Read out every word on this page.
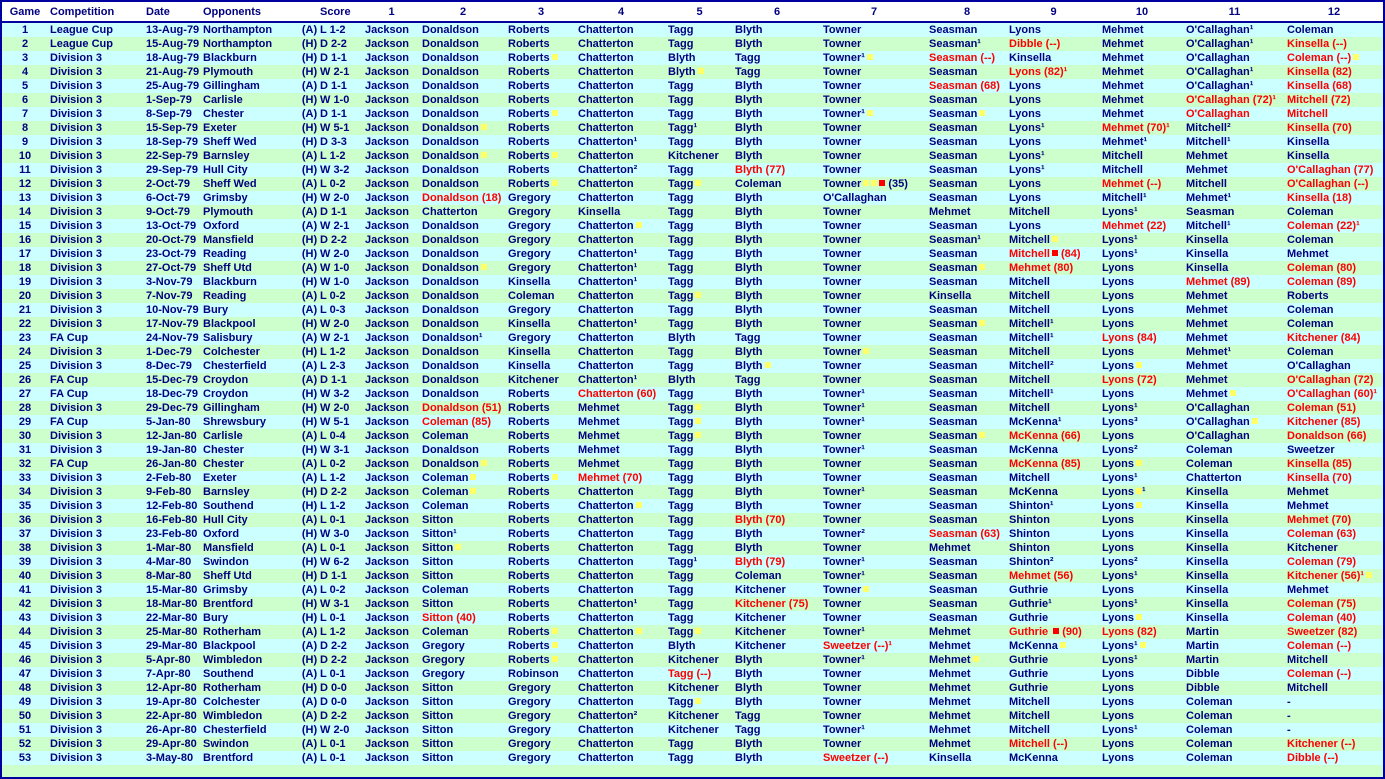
Game	Competition	Date	Opponents		Score	1	2	3	4	5	6	7	8	9	10	11	12
1	League Cup	13-Aug-79	Northampton	(A)	L 1-2	Jackson	Donaldson	Roberts	Chatterton	Tagg	Blyth	Towner	Seasman	Lyons	Mehmet	O'Callaghan¹	Coleman
2	League Cup	15-Aug-79	Northampton	(H)	D 2-2	Jackson	Donaldson	Roberts	Chatterton	Tagg	Blyth	Towner	Seasman¹	Dibble (--)	Mehmet	O'Callaghan¹	Kinsella (--)
3	Division 3	18-Aug-79	Blackburn	(H)	D 1-1	Jackson	Donaldson	Roberts	Chatterton	Blyth	Tagg	Towner¹	Seasman (--)	Kinsella	Mehmet	O'Callaghan	Coleman (--)
4	Division 3	21-Aug-79	Plymouth	(H)	W 2-1	Jackson	Donaldson	Roberts	Chatterton	Blyth	Tagg	Towner	Seasman	Lyons (82)¹	Mehmet	O'Callaghan¹	Kinsella (82)
5	Division 3	25-Aug-79	Gillingham	(A)	D 1-1	Jackson	Donaldson	Roberts	Chatterton	Tagg	Blyth	Towner	Seasman (68)	Lyons	Mehmet	O'Callaghan¹	Kinsella (68)
6	Division 3	1-Sep-79	Carlisle	(H)	W 1-0	Jackson	Donaldson	Roberts	Chatterton	Tagg	Blyth	Towner	Seasman	Lyons	Mehmet	O'Callaghan (72)¹	Mitchell (72)
7	Division 3	8-Sep-79	Chester	(A)	D 1-1	Jackson	Donaldson	Roberts	Chatterton	Tagg	Blyth	Towner¹	Seasman	Lyons	Mehmet	O'Callaghan	Mitchell
8	Division 3	15-Sep-79	Exeter	(H)	W 5-1	Jackson	Donaldson	Roberts	Chatterton	Tagg¹	Blyth	Towner	Seasman	Lyons¹	Mehmet (70)¹	Mitchell²	Kinsella (70)
9	Division 3	18-Sep-79	Sheff Wed	(H)	D 3-3	Jackson	Donaldson	Roberts	Chatterton¹	Tagg	Blyth	Towner	Seasman	Lyons	Mehmet¹	Mitchell¹	Kinsella
10	Division 3	22-Sep-79	Barnsley	(A)	L 1-2	Jackson	Donaldson	Roberts	Chatterton	Kitchener	Blyth	Towner	Seasman	Lyons¹	Mitchell	Mehmet	Kinsella
11	Division 3	29-Sep-79	Hull City	(H)	W 3-2	Jackson	Donaldson	Roberts	Chatterton²	Tagg	Blyth (77)	Towner	Seasman	Lyons¹	Mitchell	Mehmet	O'Callaghan (77)
12	Division 3	2-Oct-79	Sheff Wed	(A)	L 0-2	Jackson	Donaldson	Roberts	Chatterton	Tagg	Coleman	Towner (35)	Seasman	Lyons	Mehmet (--)	Mitchell	O'Callaghan (--)
13	Division 3	6-Oct-79	Grimsby	(H)	W 2-0	Jackson	Donaldson (18)	Gregory	Chatterton	Tagg	Blyth	O'Callaghan	Seasman	Lyons	Mitchell¹	Mehmet¹	Kinsella (18)
14	Division 3	9-Oct-79	Plymouth	(A)	D 1-1	Jackson	Chatterton	Gregory	Kinsella	Tagg	Blyth	Towner	Mehmet	Mitchell	Lyons¹	Seasman	Coleman
15	Division 3	13-Oct-79	Oxford	(A)	W 2-1	Jackson	Donaldson	Gregory	Chatterton	Tagg	Blyth	Towner	Seasman	Lyons	Mehmet (22)	Mitchell¹	Coleman (22)¹
16	Division 3	20-Oct-79	Mansfield	(H)	D 2-2	Jackson	Donaldson	Gregory	Chatterton	Tagg	Blyth	Towner	Seasman¹	Mitchell	Lyons¹	Kinsella	Coleman
17	Division 3	23-Oct-79	Reading	(H)	W 2-0	Jackson	Donaldson	Gregory	Chatterton¹	Tagg	Blyth	Towner	Seasman	Mitchell (84)	Lyons¹	Kinsella	Mehmet
18	Division 3	27-Oct-79	Sheff Utd	(A)	W 1-0	Jackson	Donaldson	Gregory	Chatterton¹	Tagg	Blyth	Towner	Seasman	Mehmet (80)	Lyons	Kinsella	Coleman (80)
19	Division 3	3-Nov-79	Blackburn	(H)	W 1-0	Jackson	Donaldson	Kinsella	Chatterton¹	Tagg	Blyth	Towner	Seasman	Mitchell	Lyons	Mehmet (89)	Coleman (89)
20	Division 3	7-Nov-79	Reading	(A)	L 0-2	Jackson	Donaldson	Coleman	Chatterton	Tagg	Blyth	Towner	Kinsella	Mitchell	Lyons	Mehmet	Roberts
21	Division 3	10-Nov-79	Bury	(A)	L 0-3	Jackson	Donaldson	Gregory	Chatterton	Tagg	Blyth	Towner	Seasman	Mitchell	Lyons	Mehmet	Coleman
22	Division 3	17-Nov-79	Blackpool	(H)	W 2-0	Jackson	Donaldson	Kinsella	Chatterton¹	Tagg	Blyth	Towner	Seasman	Mitchell¹	Lyons	Mehmet	Coleman
23	FA Cup	24-Nov-79	Salisbury	(A)	W 2-1	Jackson	Donaldson¹	Gregory	Chatterton	Blyth	Tagg	Towner	Seasman	Mitchell¹	Lyons (84)	Mehmet	Kitchener (84)
24	Division 3	1-Dec-79	Colchester	(H)	L 1-2	Jackson	Donaldson	Kinsella	Chatterton	Tagg	Blyth	Towner	Seasman	Mitchell	Lyons	Mehmet¹	Coleman
25	Division 3	8-Dec-79	Chesterfield	(A)	L 2-3	Jackson	Donaldson	Kinsella	Chatterton	Tagg	Blyth	Towner	Seasman	Mitchell²	Lyons	Mehmet	O'Callaghan
26	FA Cup	15-Dec-79	Croydon	(A)	D 1-1	Jackson	Donaldson	Kitchener	Chatterton¹	Blyth	Tagg	Towner	Seasman	Mitchell	Lyons (72)	Mehmet	O'Callaghan (72)
27	FA Cup	18-Dec-79	Croydon	(H)	W 3-2	Jackson	Donaldson	Roberts	Chatterton (60)	Tagg	Blyth	Towner¹	Seasman	Mitchell¹	Lyons	Mehmet	O'Callaghan (60)¹
28	Division 3	29-Dec-79	Gillingham	(H)	W 2-0	Jackson	Donaldson (51)	Roberts	Mehmet	Tagg	Blyth	Towner¹	Seasman	Mitchell	Lyons¹	O'Callaghan	Coleman (51)
29	FA Cup	5-Jan-80	Shrewsbury	(H)	W 5-1	Jackson	Coleman (85)	Roberts	Mehmet	Tagg	Blyth	Towner¹	Seasman	McKenna¹	Lyons³	O'Callaghan	Kitchener (85)
30	Division 3	12-Jan-80	Carlisle	(A)	L 0-4	Jackson	Coleman	Roberts	Mehmet	Tagg	Blyth	Towner	Seasman	McKenna (66)	Lyons	O'Callaghan	Donaldson (66)
31	Division 3	19-Jan-80	Chester	(H)	W 3-1	Jackson	Donaldson	Roberts	Mehmet	Tagg	Blyth	Towner¹	Seasman	McKenna	Lyons²	Coleman	Sweetzer
32	FA Cup	26-Jan-80	Chester	(A)	L 0-2	Jackson	Donaldson	Roberts	Mehmet	Tagg	Blyth	Towner	Seasman	McKenna (85)	Lyons	Coleman	Kinsella (85)
33	Division 3	2-Feb-80	Exeter	(A)	L 1-2	Jackson	Coleman	Roberts	Mehmet (70)	Tagg	Blyth	Towner	Seasman	Mitchell	Lyons¹	Chatterton	Kinsella (70)
34	Division 3	9-Feb-80	Barnsley	(H)	D 2-2	Jackson	Coleman	Roberts	Chatterton	Tagg	Blyth	Towner¹	Seasman	McKenna	Lyons ¹	Kinsella	Mehmet
35	Division 3	12-Feb-80	Southend	(H)	L 1-2	Jackson	Coleman	Roberts	Chatterton	Tagg	Blyth	Towner	Seasman	Shinton¹	Lyons	Kinsella	Mehmet
36	Division 3	16-Feb-80	Hull City	(A)	L 0-1	Jackson	Sitton	Roberts	Chatterton	Tagg	Blyth (70)	Towner	Seasman	Shinton	Lyons	Kinsella	Mehmet (70)
37	Division 3	23-Feb-80	Oxford	(H)	W 3-0	Jackson	Sitton¹	Roberts	Chatterton	Tagg	Blyth	Towner²	Seasman (63)	Shinton	Lyons	Kinsella	Coleman (63)
38	Division 3	1-Mar-80	Mansfield	(A)	L 0-1	Jackson	Sitton	Roberts	Chatterton	Tagg	Blyth	Towner	Mehmet	Shinton	Lyons	Kinsella	Kitchener
39	Division 3	4-Mar-80	Swindon	(H)	W 6-2	Jackson	Sitton	Roberts	Chatterton	Tagg¹	Blyth (79)	Towner¹	Seasman	Shinton²	Lyons²	Kinsella	Coleman (79)
40	Division 3	8-Mar-80	Sheff Utd	(H)	D 1-1	Jackson	Sitton	Roberts	Chatterton	Tagg	Coleman	Towner¹	Seasman	Mehmet (56)	Lyons¹	Kinsella	Kitchener (56)¹
41	Division 3	15-Mar-80	Grimsby	(A)	L 0-2	Jackson	Coleman	Roberts	Chatterton	Tagg	Kitchener	Towner	Seasman	Guthrie	Lyons	Kinsella	Mehmet
42	Division 3	18-Mar-80	Brentford	(H)	W 3-1	Jackson	Sitton	Roberts	Chatterton¹	Tagg	Kitchener (75)	Towner	Seasman	Guthrie¹	Lyons¹	Kinsella	Coleman (75)
43	Division 3	22-Mar-80	Bury	(H)	L 0-1	Jackson	Sitton (40)	Roberts	Chatterton	Tagg	Kitchener	Towner	Seasman	Guthrie	Lyons	Kinsella	Coleman (40)
44	Division 3	25-Mar-80	Rotherham	(A)	L 1-2	Jackson	Coleman	Roberts	Chatterton	Tagg	Kitchener	Towner¹	Mehmet	Guthrie  (90)	Lyons (82)	Martin	Sweetzer (82)
45	Division 3	29-Mar-80	Blackpool	(A)	D 2-2	Jackson	Gregory	Roberts	Chatterton	Blyth	Kitchener	Sweetzer (--)¹	Mehmet	McKenna	Lyons¹	Martin	Coleman (--)
46	Division 3	5-Apr-80	Wimbledon	(H)	D 2-2	Jackson	Gregory	Roberts	Chatterton	Kitchener	Blyth	Towner¹	Mehmet	Guthrie	Lyons¹	Martin	Mitchell
47	Division 3	7-Apr-80	Southend	(A)	L 0-1	Jackson	Gregory	Robinson	Chatterton	Tagg (--)	Blyth	Towner	Mehmet	Guthrie	Lyons	Dibble	Coleman (--)
48	Division 3	12-Apr-80	Rotherham	(H)	D 0-0	Jackson	Sitton	Gregory	Chatterton	Kitchener	Blyth	Towner	Mehmet	Guthrie	Lyons	Dibble	Mitchell
49	Division 3	19-Apr-80	Colchester	(A)	D 0-0	Jackson	Sitton	Gregory	Chatterton	Tagg	Blyth	Towner	Mehmet	Mitchell	Lyons	Coleman	-
50	Division 3	22-Apr-80	Wimbledon	(A)	D 2-2	Jackson	Sitton	Gregory	Chatterton²	Kitchener	Tagg	Towner	Mehmet	Mitchell	Lyons	Coleman	-
51	Division 3	26-Apr-80	Chesterfield	(H)	W 2-0	Jackson	Sitton	Gregory	Chatterton	Kitchener	Tagg	Towner¹	Mehmet	Mitchell	Lyons¹	Coleman	-
52	Division 3	29-Apr-80	Swindon	(A)	L 0-1	Jackson	Sitton	Gregory	Chatterton	Tagg	Blyth	Towner	Mehmet	Mitchell (--)	Lyons	Coleman	Kitchener (--)
53	Division 3	3-May-80	Brentford	(A)	L 0-1	Jackson	Sitton	Gregory	Chatterton	Tagg	Blyth	Sweetzer (--)	Kinsella	McKenna	Lyons	Coleman	Dibble (--)
